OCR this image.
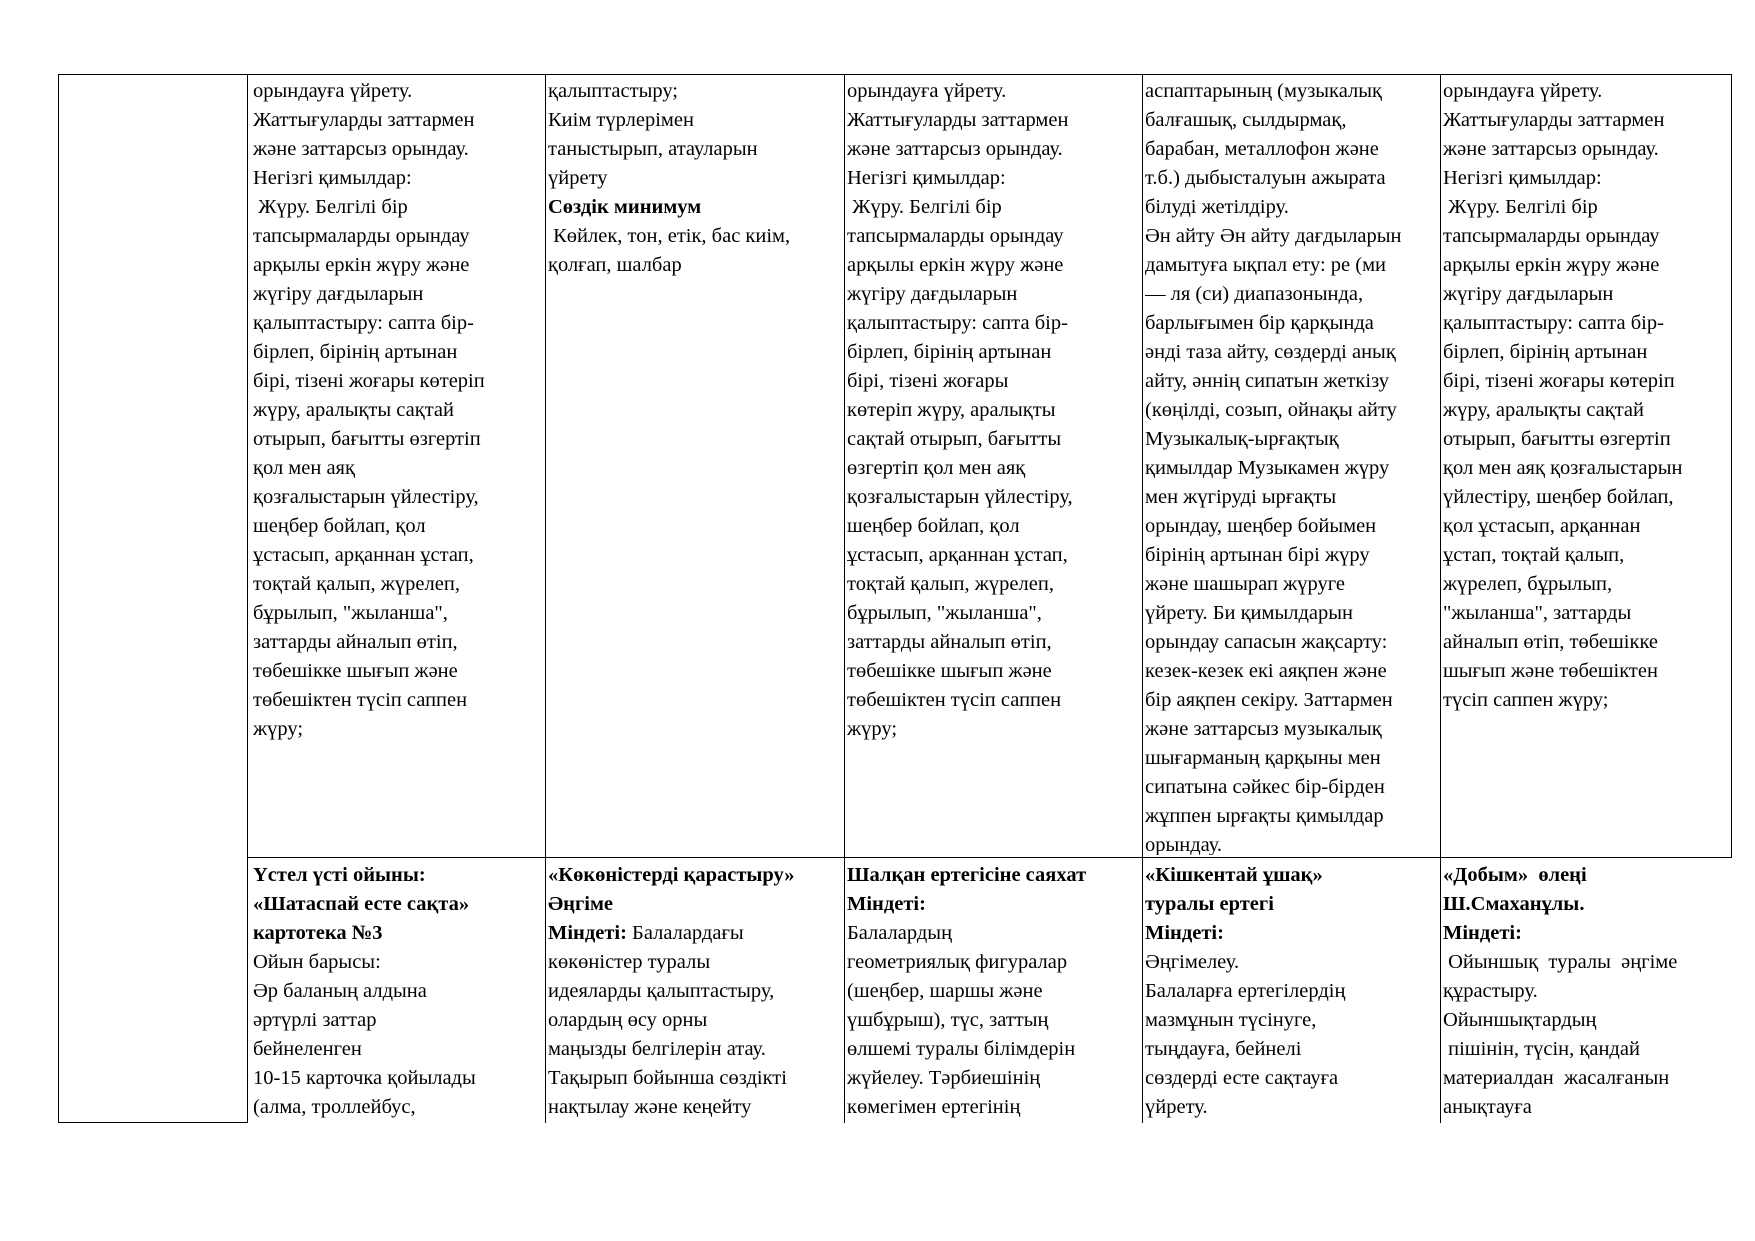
орындауға үйрету.
Жаттығуларды заттармен
және заттарсыз орындау.
Негізгі қимылдар:
Жүру. Белгілі бір
тапсырмаларды орындау
арқылы еркін жүру және
жүгіру дағдыларын
қалыптастыру: сапта бір-
бірлеп, бірінің артынан
бірі, тізені жоғары көтеріп
жүру, аралықты сақтай
отырып, бағытты өзгертіп
қол мен аяқ
қозғалыстарын үйлестіру,
шеңбер бойлап, қол
ұстасып, арқаннан ұстап,
тоқтай қалып, жүрелеп,
бұрылып, "жыланша",
заттарды айналып өтіп,
төбешікке шығып және
төбешіктен түсіп саппен
жүру;
қалыптастыру;
Киім түрлерімен
таныстырып, атауларын
үйрету
Сөздік минимум
Көйлек, тон, етік, бас киім,
қолғап, шалбар
орындауға үйрету.
Жаттығуларды заттармен
және заттарсыз орындау.
Негізгі қимылдар:
Жүру. Белгілі бір
тапсырмаларды орындау
арқылы еркін жүру және
жүгіру дағдыларын
қалыптастыру: сапта бір-
бірлеп, бірінің артынан
бірі, тізені жоғары
көтеріп жүру, аралықты
сақтай отырып, бағытты
өзгертіп қол мен аяқ
қозғалыстарын үйлестіру,
шеңбер бойлап, қол
ұстасып, арқаннан ұстап,
тоқтай қалып, жүрелеп,
бұрылып, "жыланша",
заттарды айналып өтіп,
төбешікке шығып және
төбешіктен түсіп саппен
жүру;
аспаптарының (музыкалық
балғашық, сылдырмақ,
барабан, металлофон және
т.б.) дыбысталуын ажырата
білуді жетілдіру.
Ән айту Ән айту дағдыларын
дамытуға ықпал ету: ре (ми
— ля (си) диапазонында,
барлығымен бір қарқында
әнді таза айту, сөздерді анық
айту, әннің сипатын жеткізу
(көңілді, созып, ойнақы айту
Музыкалық-ырғақтық
қимылдар Музыкамен жүру
мен жүгіруді ырғақты
орындау, шеңбер бойымен
бірінің артынан бірі жүру
және шашырап жүруге
үйрету. Би қимылдарын
орындау сапасын жақсарту:
кезек-кезек екі аяқпен және
бір аяқпен секіру. Заттармен
және заттарсыз музыкалық
шығарманың қарқыны мен
сипатына сәйкес бір-бірден
жұппен ырғақты қимылдар
орындау.
орындауға үйрету.
Жаттығуларды заттармен
және заттарсыз орындау.
Негізгі қимылдар:
Жүру. Белгілі бір
тапсырмаларды орындау
арқылы еркін жүру және
жүгіру дағдыларын
қалыптастыру: сапта бір-
бірлеп, бірінің артынан
бірі, тізені жоғары көтеріп
жүру, аралықты сақтай
отырып, бағытты өзгертіп
қол мен аяқ қозғалыстарын
үйлестіру, шеңбер бойлап,
қол ұстасып, арқаннан
ұстап, тоқтай қалып,
жүрелеп, бұрылып,
"жыланша", заттарды
айналып өтіп, төбешікке
шығып және төбешіктен
түсіп саппен жүру;
Үстел үсті ойыны:
«Шатаспай есте сақта»
картотека №3
Ойын барысы:
Әр баланың алдына
әртүрлі заттар
бейнеленген
10-15 карточка қойылады
(алма, троллейбус,
«Көкөністерді қарастыру»
Әңгіме
Міндеті: Балалардағы
көкөністер туралы
идеяларды қалыптастыру,
олардың өсу орны
маңызды белгілерін атау.
Тақырып бойынша сөздікті
нақтылау және кеңейту
Шалқан ертегісіне саяхат
Міндеті:
Балалардың
геометриялық фигуралар
(шеңбер, шаршы және
үшбұрыш), түс, заттың
өлшемі туралы білімдерін
жүйелеу. Тәрбиешінің
көмегімен ертегінің
«Кішкентай ұшақ»
туралы ертегі
Міндеті:
Әңгімелеу.
Балаларға ертегілердің
мазмұнын түсінуге,
тыңдауға, бейнелі
сөздерді есте сақтауға
үйрету.
«Добым»  өлеңі
Ш.Смаханұлы.
Міндеті:
Ойыншық  туралы  әңгіме
құрастыру.
Ойыншықтардың
пішінін, түсін, қандай
материалдан  жасалғанын
анықтауға
